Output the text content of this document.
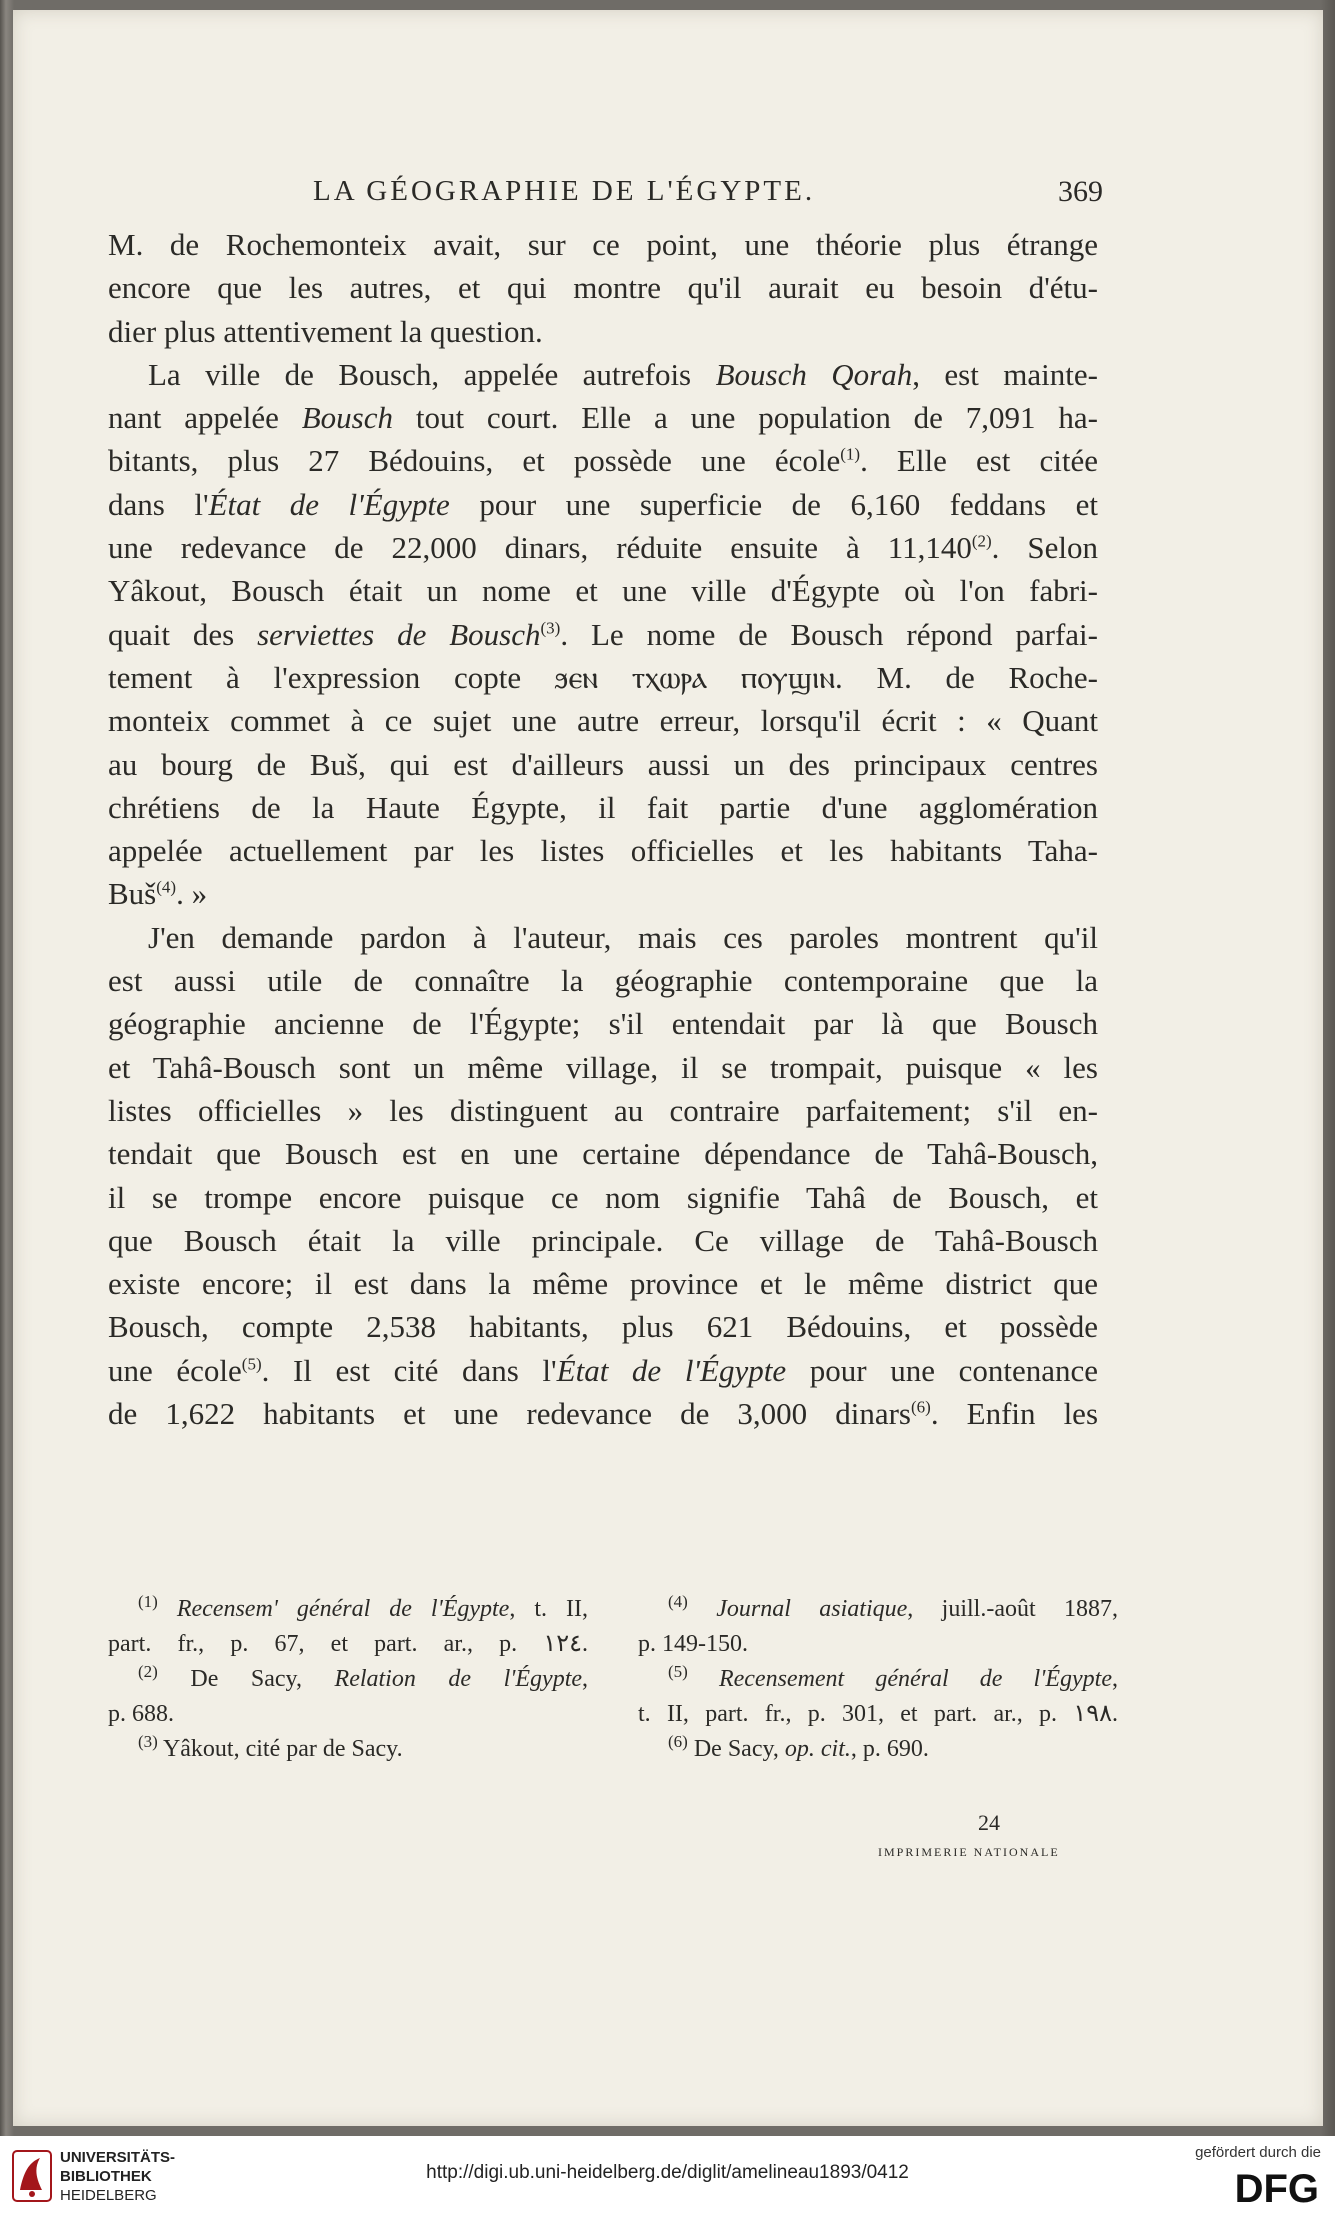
LA GÉOGRAPHIE DE L'ÉGYPTE.	369
M. de Rochemonteix avait, sur ce point, une théorie plus étrange
encore que les autres, et qui montre qu'il aurait eu besoin d'étu-
dier plus attentivement la question.
La ville de Bousch, appelée autrefois Bousch Qorah, est mainte-
nant appelée Bousch tout court. Elle a une population de 7,091 ha-
bitants, plus 27 Bédouins, et possède une école$^{(1)}$. Elle est citée
dans l'État de l'Égypte pour une superficie de 6,160 feddans et
une redevance de 22,000 dinars, réduite ensuite à 11,140$^{(2)}$. Selon
Yâkout, Bousch était un nome et une ville d'Égypte où l'on fabri-
quait des serviettes de Bousch$^{(3)}$. Le nome de Bousch répond parfai-
tement à l'expression copte ϧⲉⲛ ⲧⲭⲱⲣⲁ ⲡⲟⲩϣⲓⲛ. M. de Roche-
monteix commet à ce sujet une autre erreur, lorsqu'il écrit : « Quant
au bourg de Buš, qui est d'ailleurs aussi un des principaux centres
chrétiens de la Haute Égypte, il fait partie d'une agglomération
appelée actuellement par les listes officielles et les habitants Taha-
Buš$^{(4)}$. »
J'en demande pardon à l'auteur, mais ces paroles montrent qu'il
est aussi utile de connaître la géographie contemporaine que la
géographie ancienne de l'Égypte; s'il entendait par là que Bousch
et Tahâ-Bousch sont un même village, il se trompait, puisque « les
listes officielles » les distinguent au contraire parfaitement; s'il en-
tendait que Bousch est en une certaine dépendance de Tahâ-Bousch,
il se trompe encore puisque ce nom signifie Tahâ de Bousch, et
que Bousch était la ville principale. Ce village de Tahâ-Bousch
existe encore; il est dans la même province et le même district que
Bousch, compte 2,538 habitants, plus 621 Bédouins, et possède
une école$^{(5)}$. Il est cité dans l'État de l'Égypte pour une contenance
de 1,622 habitants et une redevance de 3,000 dinars$^{(6)}$. Enfin les
$^{(1)}$ Recensem' général de l'Égypte, t. II,
part. fr., p. 67, et part. ar., p. ١٢٤.
$^{(2)}$ De Sacy, Relation de l'Égypte,
p. 688.
$^{(3)}$ Yâkout, cité par de Sacy.
$^{(4)}$ Journal asiatique, juill.-août 1887,
p. 149-150.
$^{(5)}$ Recensement général de l'Égypte,
t. II, part. fr., p. 301, et part. ar., p. ١٩٨.
$^{(6)}$ De Sacy, op. cit., p. 690.
24
IMPRIMERIE NATIONALE
UNIVERSITÄTS-
BIBLIOTHEK
HEIDELBERG
http://digi.ub.uni-heidelberg.de/diglit/amelineau1893/0412
gefördert durch die
DFG
